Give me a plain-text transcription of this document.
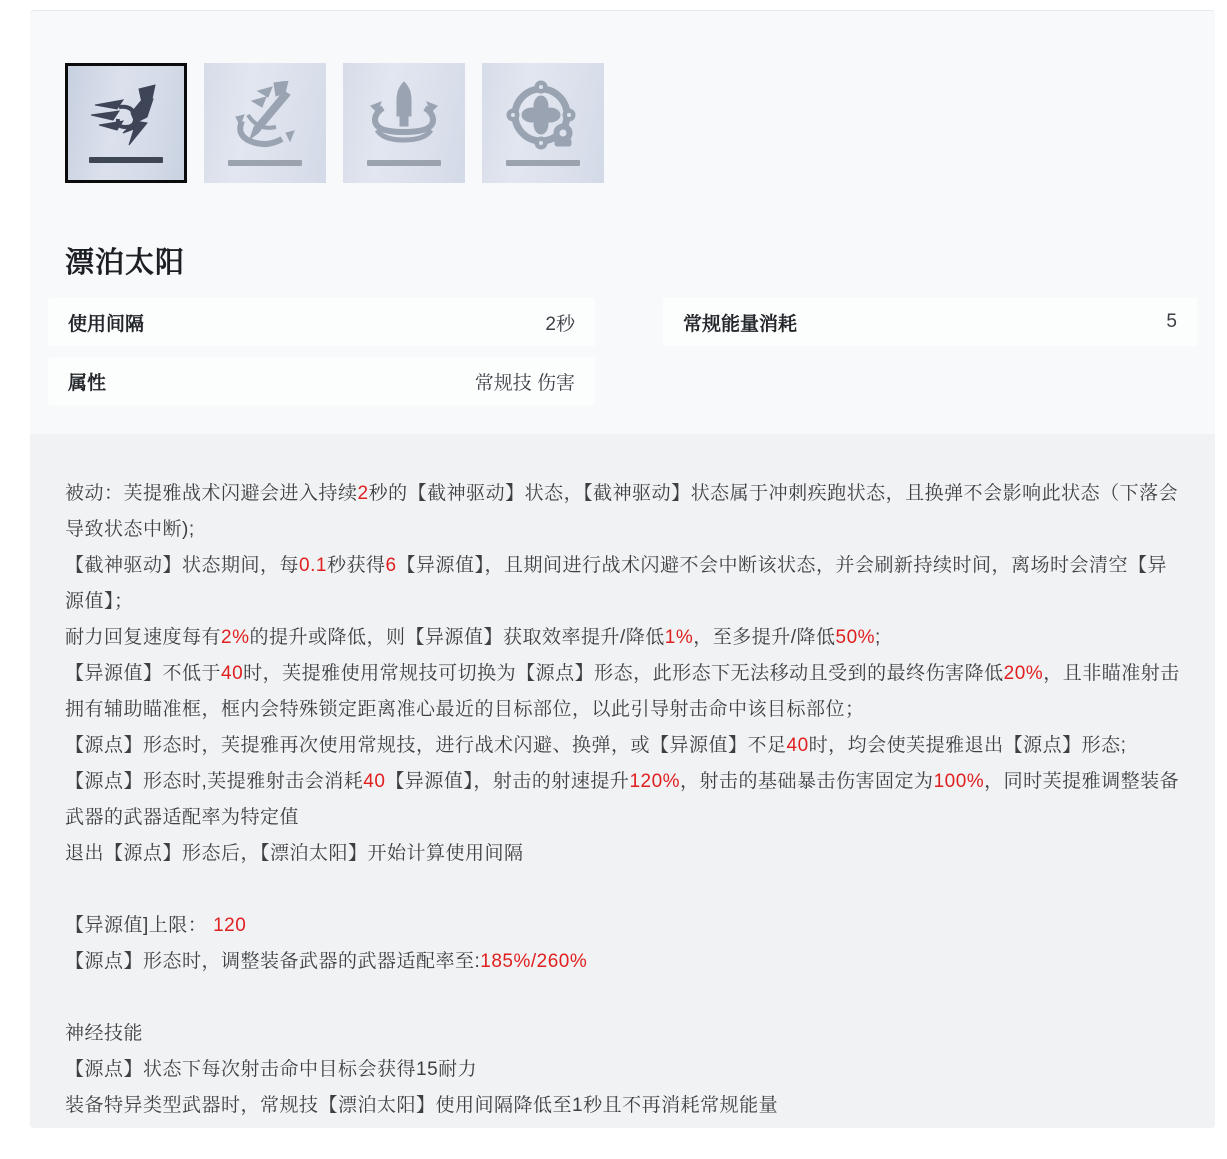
漂泊太阳
使用间隔	2秒	常规能量消耗	5
属性	常规技 伤害

被动：芙提雅战术闪避会进入持续2秒的【截神驱动】状态，【截神驱动】状态属于冲刺疾跑状态，且换弹不会影响此状态（下落会导致状态中断);

【截神驱动】状态期间，每0.1秒获得6【异源值】，且期间进行战术闪避不会中断该状态，并会刷新持续时间，离场时会清空【异源值】；

耐力回复速度每有2%的提升或降低，则【异源值】获取效率提升/降低1%，至多提升/降低50%;

【异源值】不低于40时，芙提雅使用常规技可切换为【源点】形态，此形态下无法移动且受到的最终伤害降低20%，且非瞄准射击拥有辅助瞄准框，框内会特殊锁定距离准心最近的目标部位，以此引导射击命中该目标部位；

【源点】形态时，芙提雅再次使用常规技，进行战术闪避、换弹，或【异源值】不足40时，均会使芙提雅退出【源点】形态;

【源点】形态时,芙提雅射击会消耗40【异源值】，射击的射速提升120%，射击的基础暴击伤害固定为100%，同时芙提雅调整装备武器的武器适配率为特定值

退出【源点】形态后，【漂泊太阳】开始计算使用间隔

【异源值]上限： 120

【源点】形态时，调整装备武器的武器适配率至:185%/260%

神经技能

【源点】状态下每次射击命中目标会获得15耐力

装备特异类型武器时，常规技【漂泊太阳】使用间隔降低至1秒且不再消耗常规能量
